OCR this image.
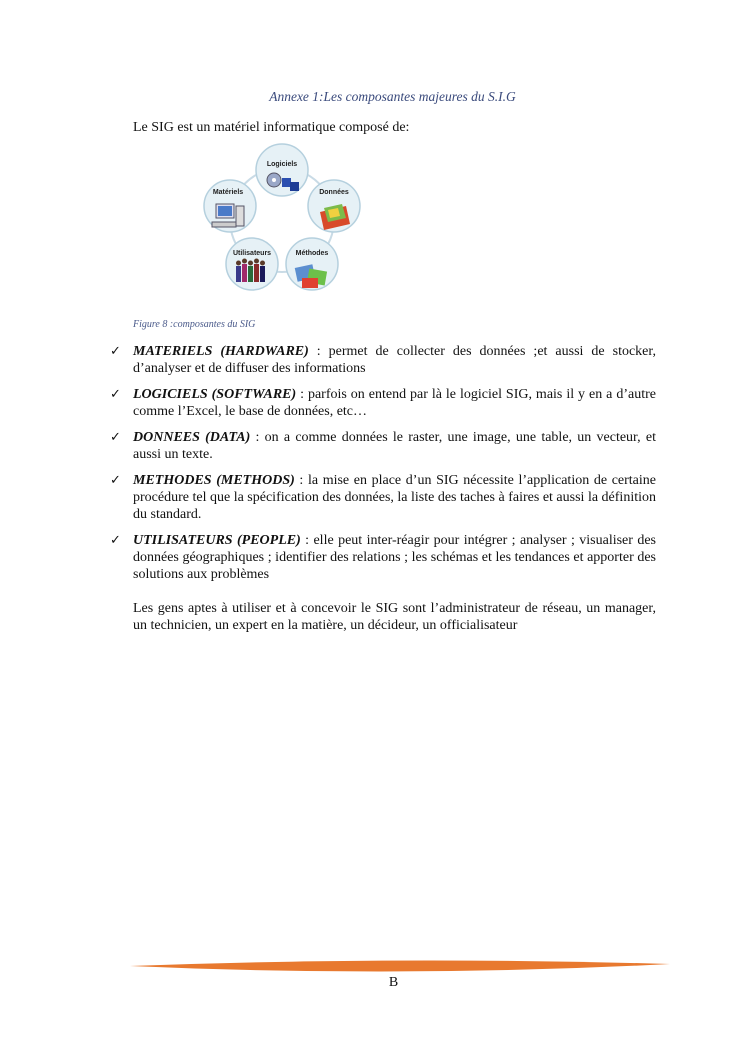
Annexe 1:Les composantes majeures du S.I.G
Le SIG est un matériel informatique composé de:
Logiciels
Données
Méthodes
Utilisateurs
Matériels
Figure 8 :composantes du SIG
✓ MATERIELS (HARDWARE) : permet de collecter des données ;et aussi de stocker, d’analyser et de diffuser des informations
✓ LOGICIELS (SOFTWARE) : parfois on entend par là le logiciel SIG, mais il y en a d’autre comme l’Excel, le base de données, etc…
✓ DONNEES (DATA) : on a comme données le raster, une image, une table, un vecteur, et aussi un texte.
✓ METHODES (METHODS) : la mise en place d’un SIG nécessite l’application de certaine procédure tel que la spécification des données, la liste des taches à faires et aussi la définition du standard.
✓ UTILISATEURS (PEOPLE) : elle peut inter-réagir pour intégrer ; analyser ; visualiser des données géographiques ; identifier des relations ; les schémas et les tendances et apporter des solutions aux problèmes
Les gens aptes à utiliser et à concevoir le SIG sont l’administrateur de réseau, un manager, un technicien, un expert en la matière, un décideur, un officialisateur
B
